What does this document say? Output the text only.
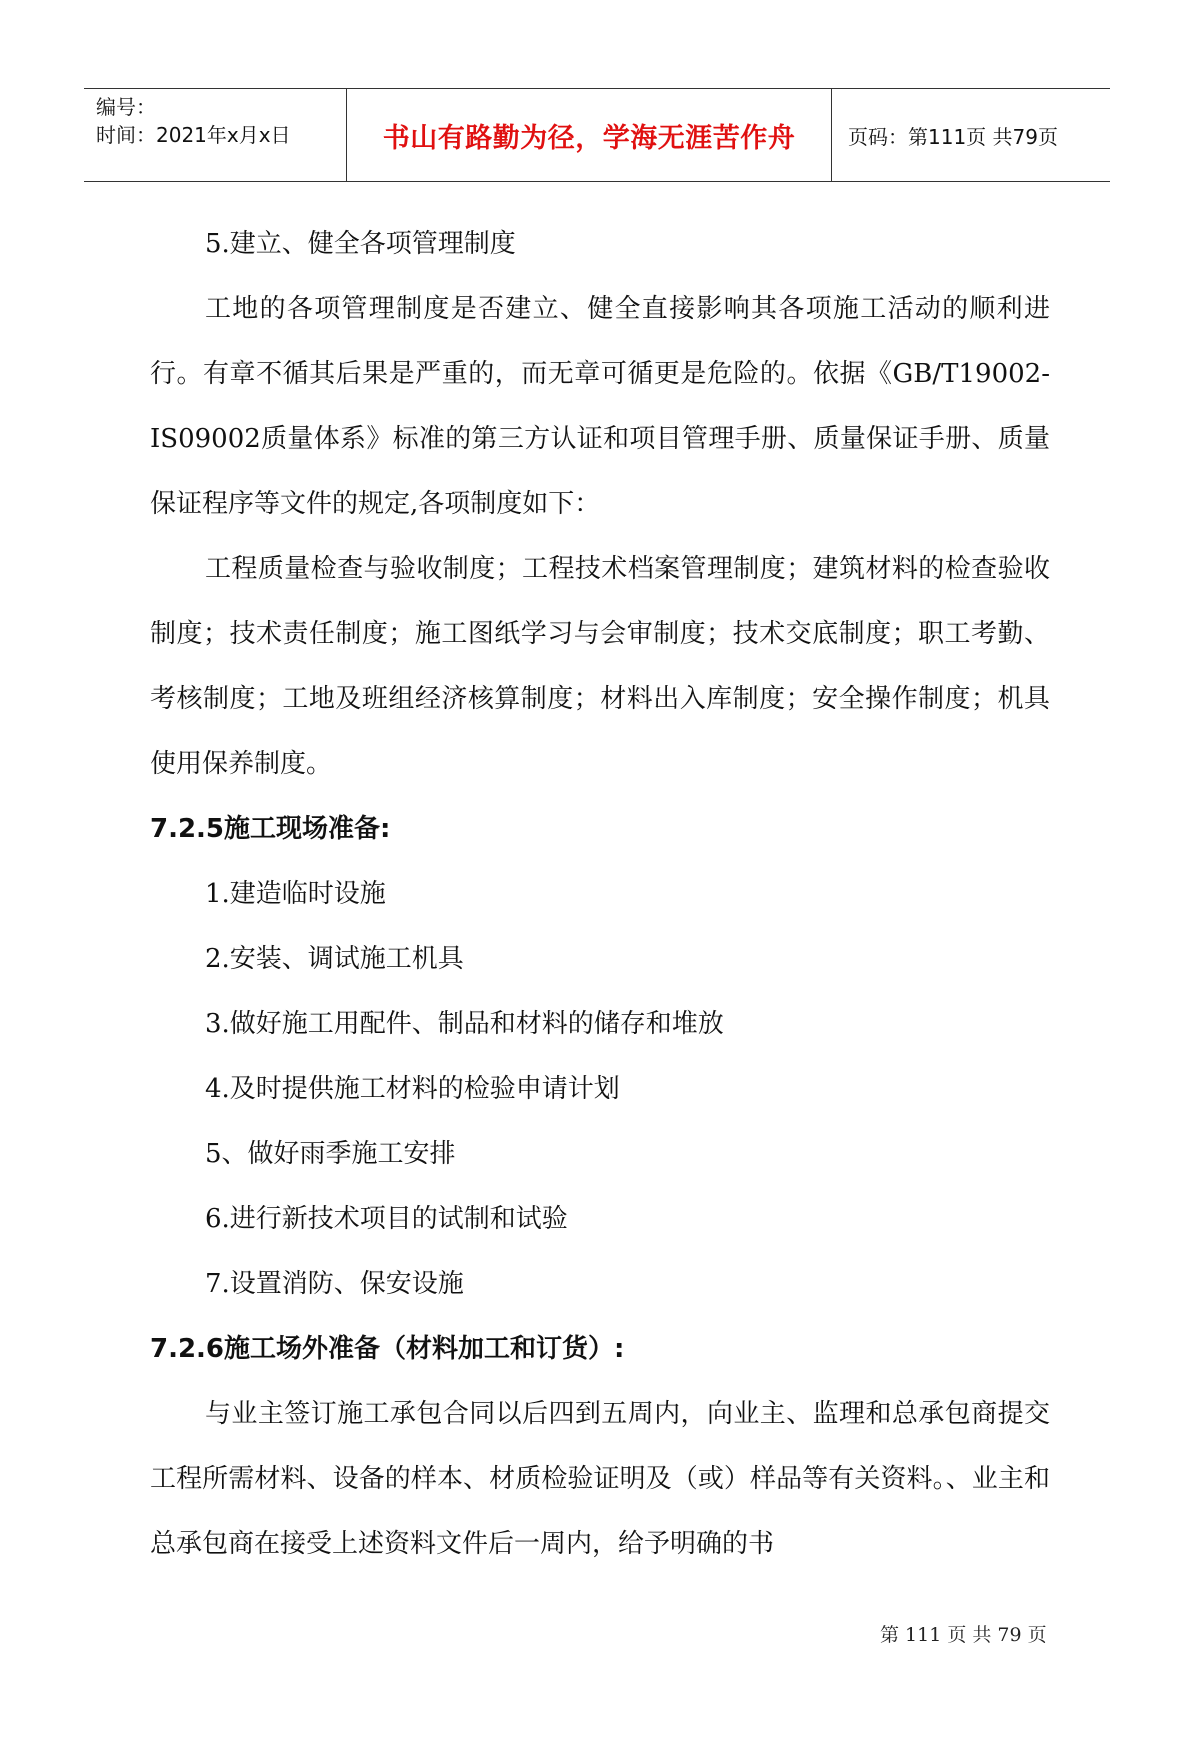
编号：
时间：2021年x月x日	书山有路勤为径，学海无涯苦作舟	页码：第111页 共79页

5.建立、健全各项管理制度

工地的各项管理制度是否建立、健全直接影响其各项施工活动的顺利进行。有章不循其后果是严重的，而无章可循更是危险的。依据《GB/T19002-IS09002质量体系》标准的第三方认证和项目管理手册、质量保证手册、质量保证程序等文件的规定,各项制度如下：

工程质量检查与验收制度；工程技术档案管理制度；建筑材料的检查验收制度；技术责任制度；施工图纸学习与会审制度；技术交底制度；职工考勤、考核制度；工地及班组经济核算制度；材料出入库制度；安全操作制度；机具使用保养制度。

7.2.5施工现场准备:

1.建造临时设施

2.安装、调试施工机具

3.做好施工用配件、制品和材料的储存和堆放

4.及时提供施工材料的检验申请计划

5、做好雨季施工安排

6.进行新技术项目的试制和试验

7.设置消防、保安设施

7.2.6施工场外准备（材料加工和订货）:

与业主签订施工承包合同以后四到五周内，向业主、监理和总承包商提交工程所需材料、设备的样本、材质检验证明及（或）样品等有关资料。、业主和总承包商在接受上述资料文件后一周内，给予明确的书

第 111 页 共 79 页
